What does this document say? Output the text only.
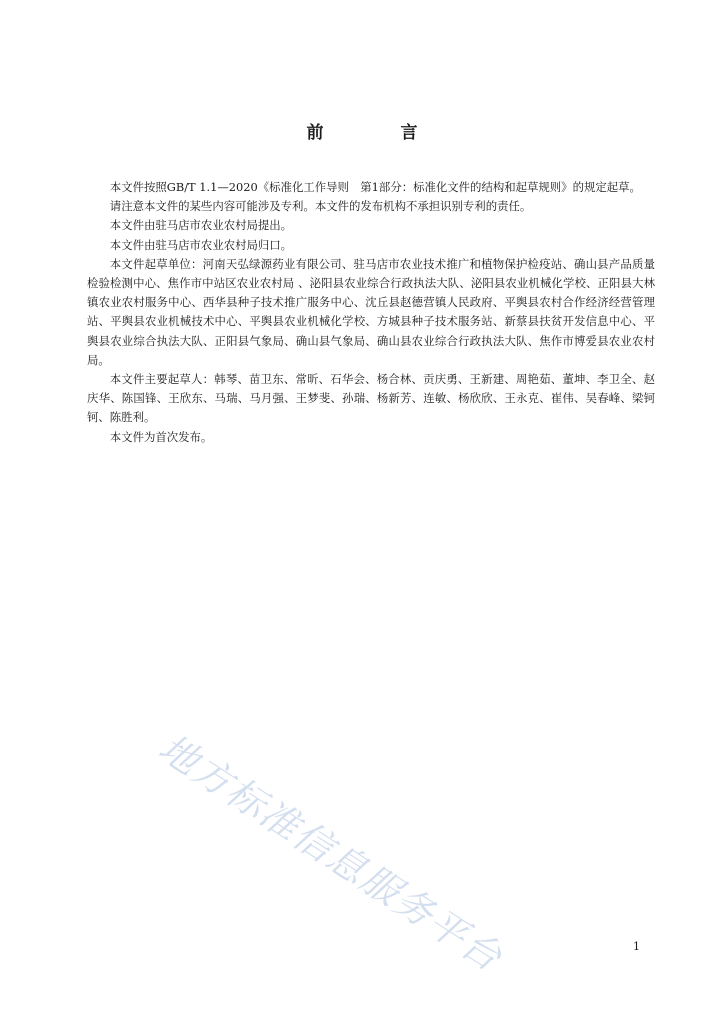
前　言

本文件按照GB/T 1.1—2020《标准化工作导则　第1部分：标准化文件的结构和起草规则》的规定起草。

请注意本文件的某些内容可能涉及专利。本文件的发布机构不承担识别专利的责任。

本文件由驻马店市农业农村局提出。

本文件由驻马店市农业农村局归口。

本文件起草单位：河南天弘绿源药业有限公司、驻马店市农业技术推广和植物保护检疫站、确山县产品质量检验检测中心、焦作市中站区农业农村局 、泌阳县农业综合行政执法大队、泌阳县农业机械化学校、正阳县大林镇农业农村服务中心、西华县种子技术推广服务中心、沈丘县赵德营镇人民政府、平舆县农村合作经济经营管理站、平舆县农业机械技术中心、平舆县农业机械化学校、方城县种子技术服务站、新蔡县扶贫开发信息中心、平舆县农业综合执法大队、正阳县气象局、确山县气象局、确山县农业综合行政执法大队、焦作市博爱县农业农村局。

本文件主要起草人：韩琴、苗卫东、常昕、石华会、杨合林、贡庆勇、王新建、周艳茹、董坤、李卫全、赵庆华、陈国锋、王欣东、马瑞、马月强、王梦斐、孙瑞、杨新芳、连敏、杨欣欣、王永克、崔伟、吴春峰、梁钶钶、陈胜利。

本文件为首次发布。

地方标准信息服务平台	1
